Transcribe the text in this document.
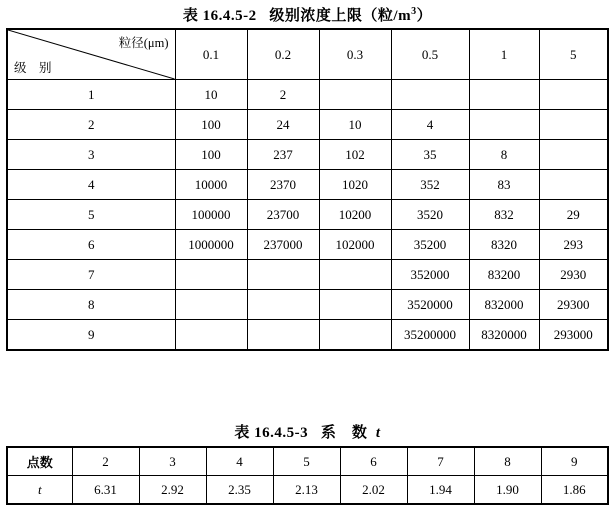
表 16.4.5-2 级别浓度上限（粒$/m^3$）
粒径(μm)
级　别	0.1	0.2	0.3	0.5	1	5
1	10	2				
2	100	24	10	4		
3	100	237	102	35	8	
4	10000	2370	1020	352	83	
5	100000	23700	10200	3520	832	29
6	1000000	237000	102000	35200	8320	293
7				352000	83200	2930
8				3520000	832000	29300
9				35200000	8320000	293000
表 16.4.5-3 系　数 t
点数	2	3	4	5	6	7	8	9
t	6.31	2.92	2.35	2.13	2.02	1.94	1.90	1.86
